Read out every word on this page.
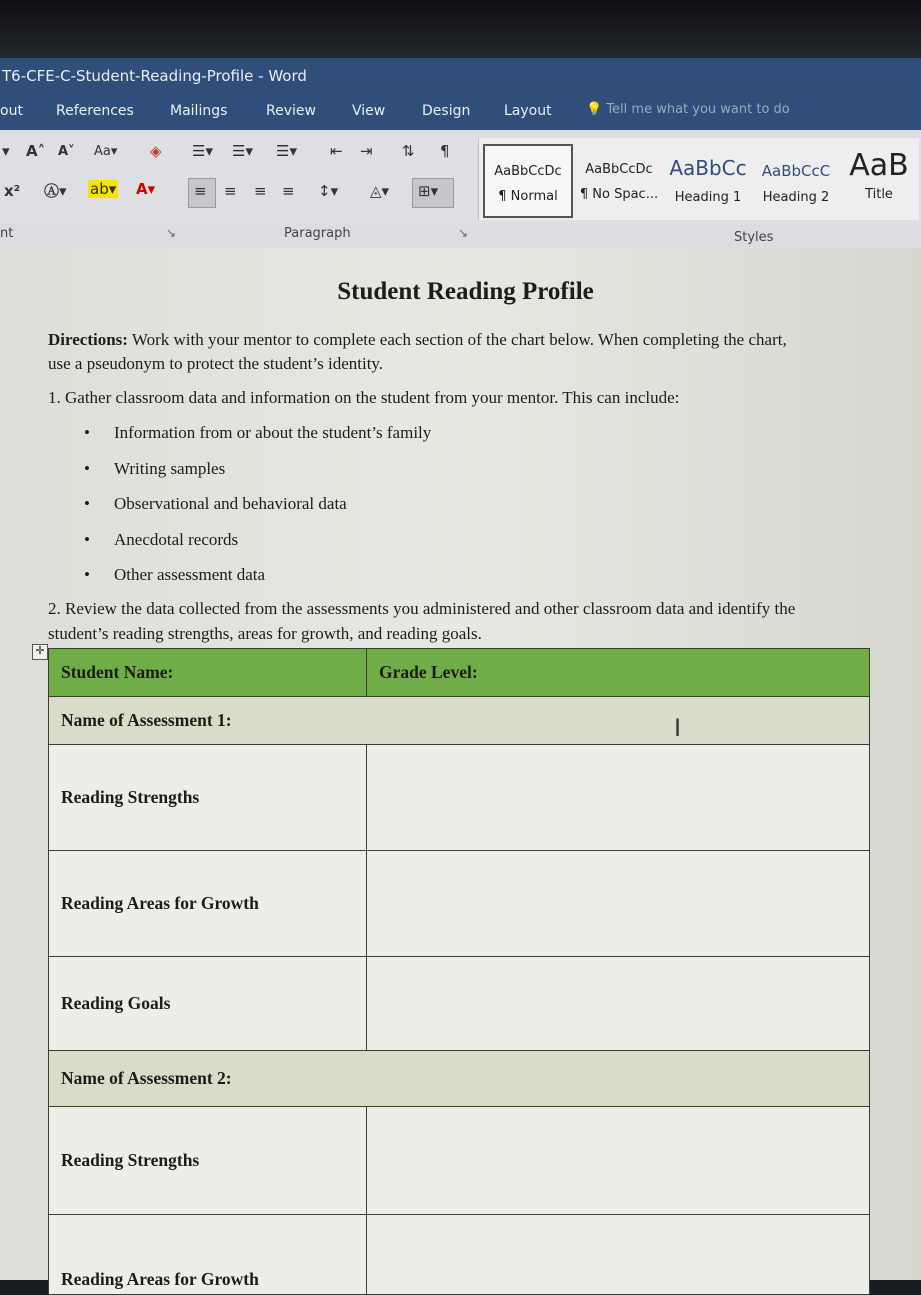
T6-CFE-C-Student-Reading-Profile - Word
out References	Mailings	Review	View	Design Layout	💡 Tell me what you want to do
▾ A˄ A˅ Aa▾ ◈
x² Ⓐ▾ ab▾ A▾
☰▾ ☰▾ ☰▾ ⇤ ⇥ ⇅ ¶
≡ ≡ ≡ ≡ ↕▾ ◬▾ ⊞▾
AaBbCcDc
¶ Normal
AaBbCcDc
¶ No Spac...
AaBbCc
Heading 1
AaBbCcC
Heading 2
AaB
Title
nt	↘	Paragraph	↘	Styles
Student Reading Profile
Directions: Work with your mentor to complete each section of the chart below. When completing the chart, use a pseudonym to protect the student’s identity.
1. Gather classroom data and information on the student from your mentor. This can include:
• Information from or about the student’s family
• Writing samples
• Observational and behavioral data
• Anecdotal records
• Other assessment data
2. Review the data collected from the assessments you administered and other classroom data and identify the student’s reading strengths, areas for growth, and reading goals.
✛
Student Name:	Grade Level:
Name of Assessment 1:	
Reading Strengths	
Reading Areas for Growth	
Reading Goals	
Name of Assessment 2:	
Reading Strengths	
Reading Areas for Growth	
I
